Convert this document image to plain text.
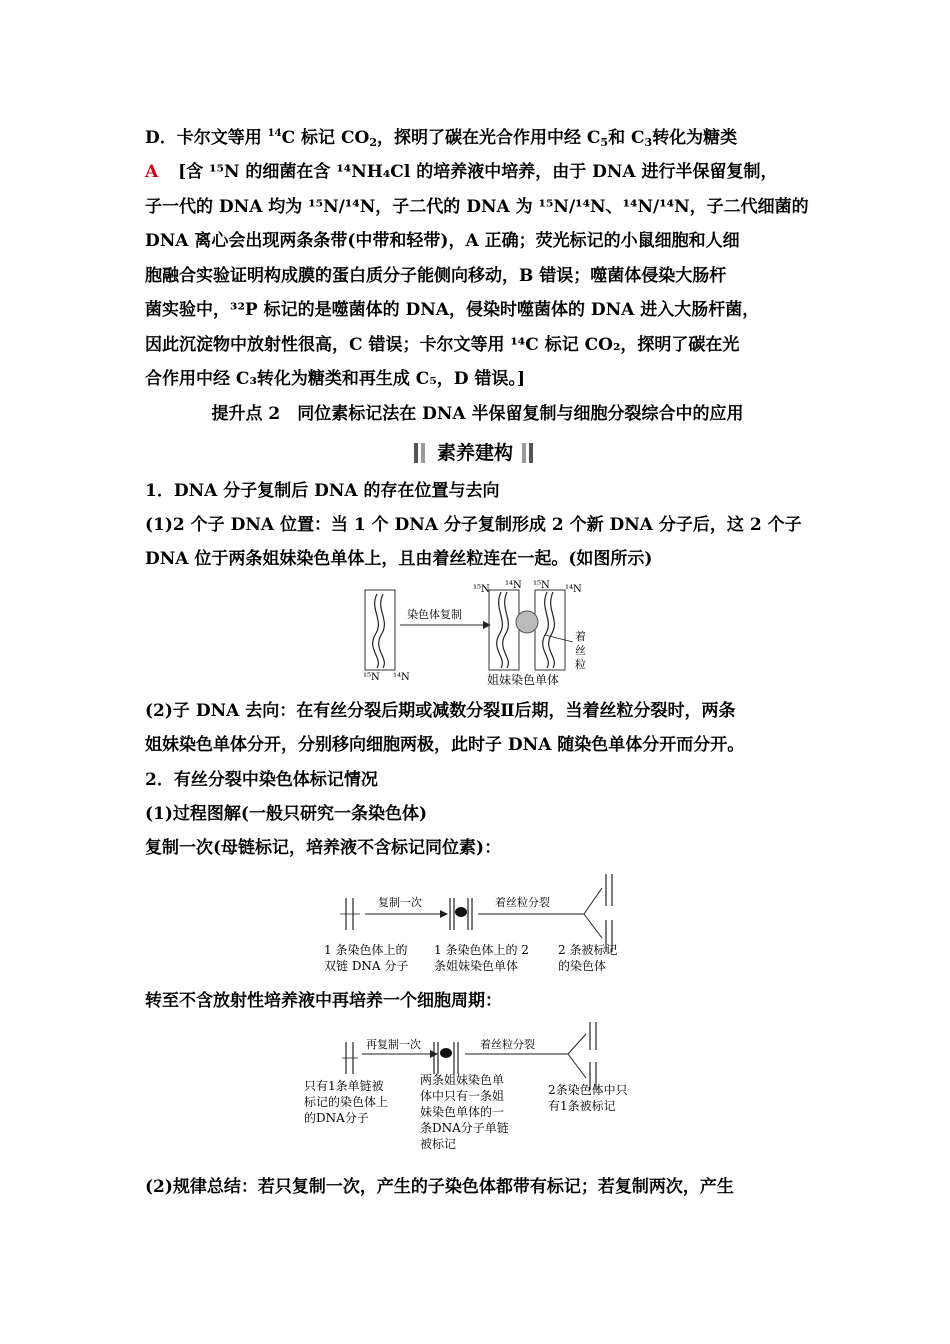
D．卡尔文等用 $^{14}$C 标记 $CO_2$，探明了碳在光合作用中经 $C_5$和 $C_3$转化为糖类
A [含 ¹⁵N 的细菌在含 ¹⁴NH₄Cl 的培养液中培养，由于 DNA 进行半保留复制，
子一代的 DNA 均为 ¹⁵N/¹⁴N，子二代的 DNA 为 ¹⁵N/¹⁴N、¹⁴N/¹⁴N，子二代细菌的
DNA 离心会出现两条条带(中带和轻带)，A 正确；荧光标记的小鼠细胞和人细
胞融合实验证明构成膜的蛋白质分子能侧向移动，B 错误；噬菌体侵染大肠杆
菌实验中，³²P 标记的是噬菌体的 DNA，侵染时噬菌体的 DNA 进入大肠杆菌，
因此沉淀物中放射性很高，C 错误；卡尔文等用 ¹⁴C 标记 CO₂，探明了碳在光
合作用中经 C₃转化为糖类和再生成 C₅，D 错误。]
提升点 2　同位素标记法在 DNA 半保留复制与细胞分裂综合中的应用
素养建构
1．DNA 分子复制后 DNA 的存在位置与去向
(1)2 个子 DNA 位置：当 1 个 DNA 分子复制形成 2 个新 DNA 分子后，这 2 个子
DNA 位于两条姐妹染色单体上，且由着丝粒连在一起。(如图所示)
¹⁵N ¹⁴N
染色体复制
¹⁵N ¹⁴N ¹⁵N ¹⁴N
着
丝
粒
姐妹染色单体
(2)子 DNA 去向：在有丝分裂后期或减数分裂Ⅱ后期，当着丝粒分裂时，两条
姐妹染色单体分开，分别移向细胞两极，此时子 DNA 随染色单体分开而分开。
2．有丝分裂中染色体标记情况
(1)过程图解(一般只研究一条染色体)
复制一次(母链标记，培养液不含标记同位素)：
复制一次	着丝粒分裂
1 条染色体上的
双链 DNA 分子
1 条染色体上的 2
条姐妹染色单体
2 条被标记
的染色体
转至不含放射性培养液中再培养一个细胞周期：
再复制一次	着丝粒分裂
只有1条单链被
标记的染色体上
的DNA分子
两条姐妹染色单
体中只有一条姐
妹染色单体的一
条DNA分子单链
被标记
2条染色体中只
有1条被标记
(2)规律总结：若只复制一次，产生的子染色体都带有标记；若复制两次，产生
